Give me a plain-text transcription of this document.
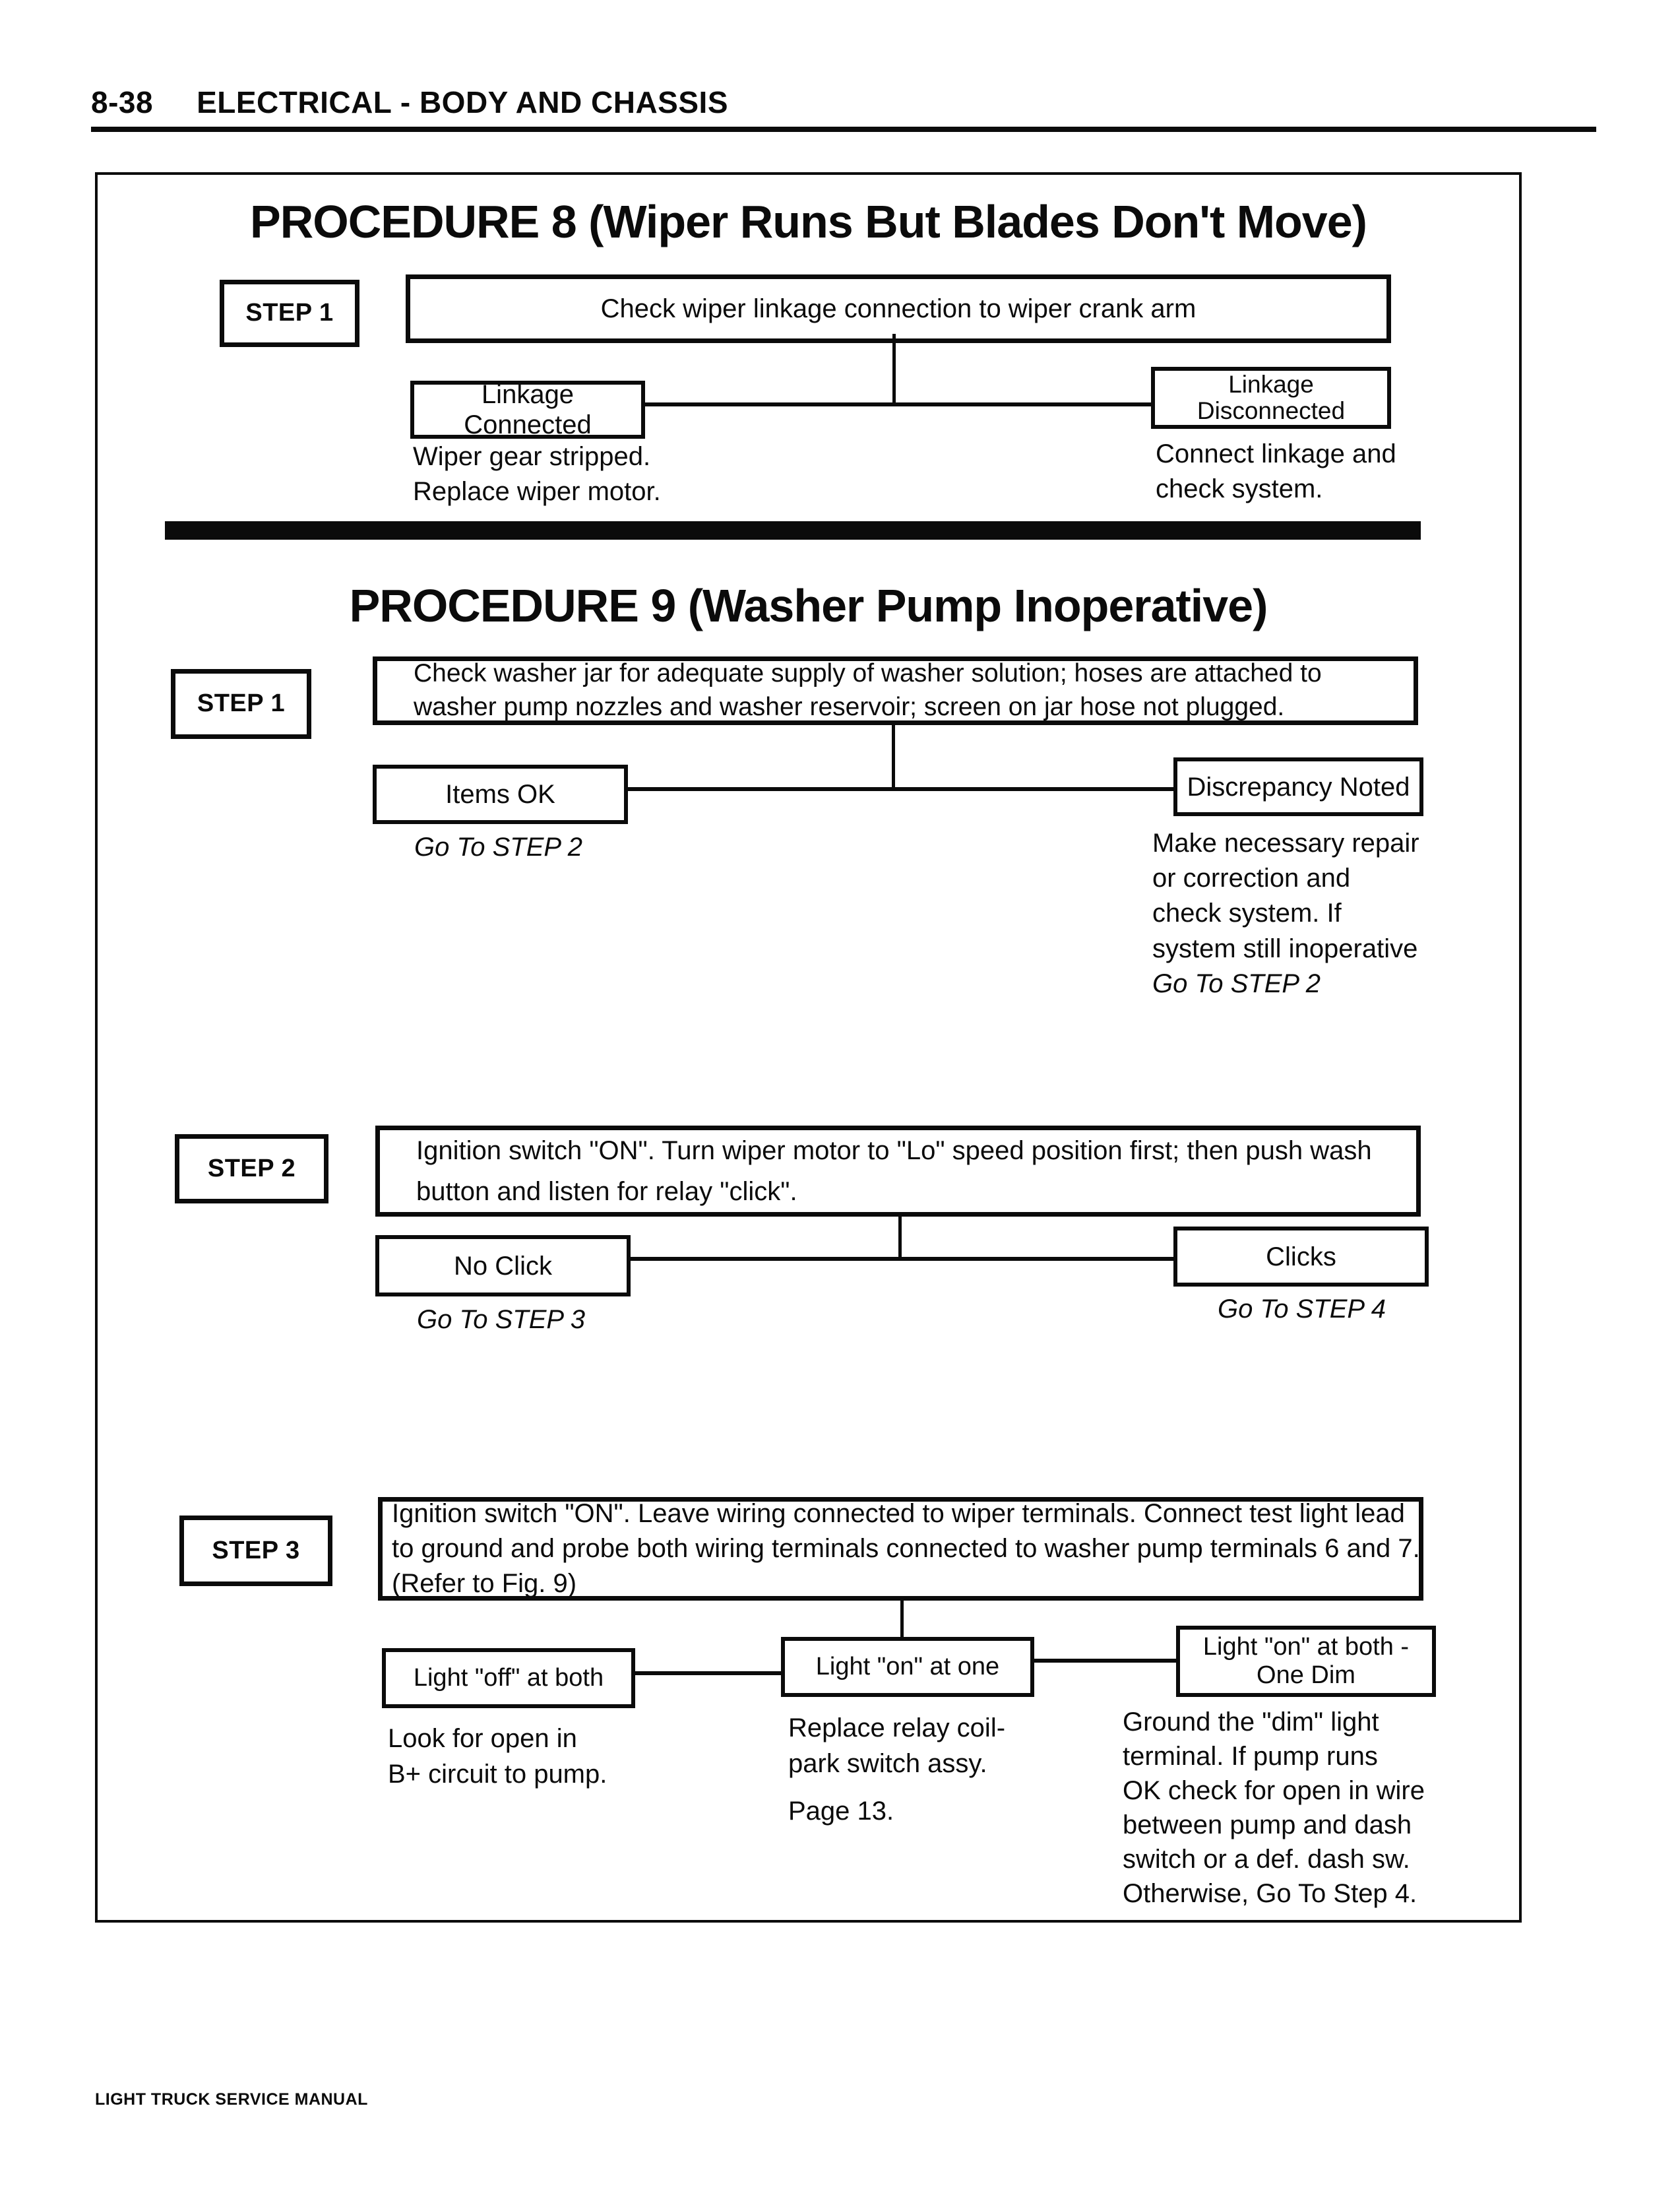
8-38 ELECTRICAL - BODY AND CHASSIS
PROCEDURE 8 (Wiper Runs But Blades Don't Move)
STEP 1	Check wiper linkage connection to wiper crank arm
Linkage Connected
Linkage
Disconnected
Wiper gear stripped.
Replace wiper motor.
Connect linkage and
check system.
PROCEDURE 9 (Washer Pump Inoperative)
STEP 1
Check washer jar for adequate supply of washer solution; hoses are attached to
washer pump nozzles and washer reservoir; screen on jar hose not plugged.
Items OK	Discrepancy Noted
Go To STEP 2	Make necessary repair
or correction and
check system. If
system still inoperative
Go To STEP 2
STEP 2
Ignition switch "ON". Turn wiper motor to "Lo" speed position first; then push wash
button and listen for relay "click".
No Click	Clicks
Go To STEP 3	Go To STEP 4
STEP 3
Ignition switch "ON". Leave wiring connected to wiper terminals. Connect test light lead
to ground and probe both wiring terminals connected to washer pump terminals 6 and 7.
(Refer to Fig. 9)
Light "off" at both	Light "on" at one
Light "on" at both -
One Dim
Look for open in
B+ circuit to pump.
Replace relay coil-
park switch assy.
Page 13.
Ground the "dim" light
terminal. If pump runs
OK check for open in wire
between pump and dash
switch or a def. dash sw.
Otherwise, Go To Step 4.
LIGHT TRUCK SERVICE MANUAL
